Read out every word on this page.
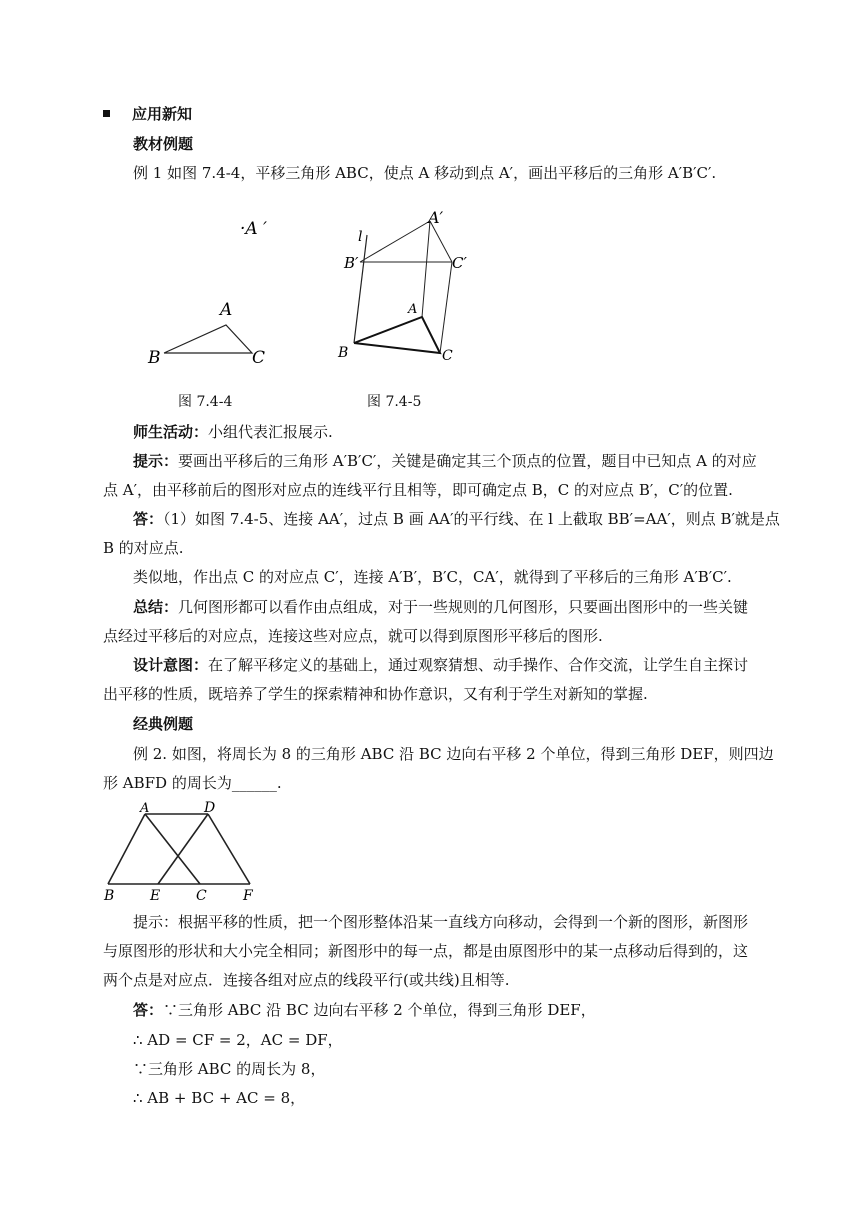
应用新知
教材例题
例 1 如图 7.4-4，平移三角形 ABC，使点 A 移动到点 A′，画出平移后的三角形 A′B′C′.
A
B	C
·A ′	l
A′
B′	C′
A
B	C
图 7.4-4	图 7.4-5
师生活动：小组代表汇报展示.
提示：要画出平移后的三角形 A′B′C′，关键是确定其三个顶点的位置，题目中已知点 A 的对应
点 A′，由平移前后的图形对应点的连线平行且相等，即可确定点 B，C 的对应点 B′，C′的位置.
答：（1）如图 7.4-5、连接 AA′，过点 B 画 AA′的平行线、在 l 上截取 BB′=AA′，则点 B′就是点
B 的对应点.
类似地，作出点 C 的对应点 C′，连接 A′B′，B′C，CA′，就得到了平移后的三角形 A′B′C′.
总结：几何图形都可以看作由点组成，对于一些规则的几何图形，只要画出图形中的一些关键
点经过平移后的对应点，连接这些对应点，就可以得到原图形平移后的图形.
设计意图：在了解平移定义的基础上，通过观察猜想、动手操作、合作交流，让学生自主探讨
出平移的性质，既培养了学生的探索精神和协作意识，又有利于学生对新知的掌握.
经典例题
例 2. 如图，将周长为 8 的三角形 ABC 沿 BC 边向右平移 2 个单位，得到三角形 DEF，则四边
形 ABFD 的周长为______.
A	D
B	E	C	F
提示：根据平移的性质，把一个图形整体沿某一直线方向移动，会得到一个新的图形，新图形
与原图形的形状和大小完全相同；新图形中的每一点，都是由原图形中的某一点移动后得到的，这
两个点是对应点．连接各组对应点的线段平行(或共线)且相等.
答：∵三角形 ABC 沿 BC 边向右平移 2 个单位，得到三角形 DEF，
∴ AD = CF = 2，AC = DF，
∵三角形 ABC 的周长为 8，
∴ AB + BC + AC = 8，
